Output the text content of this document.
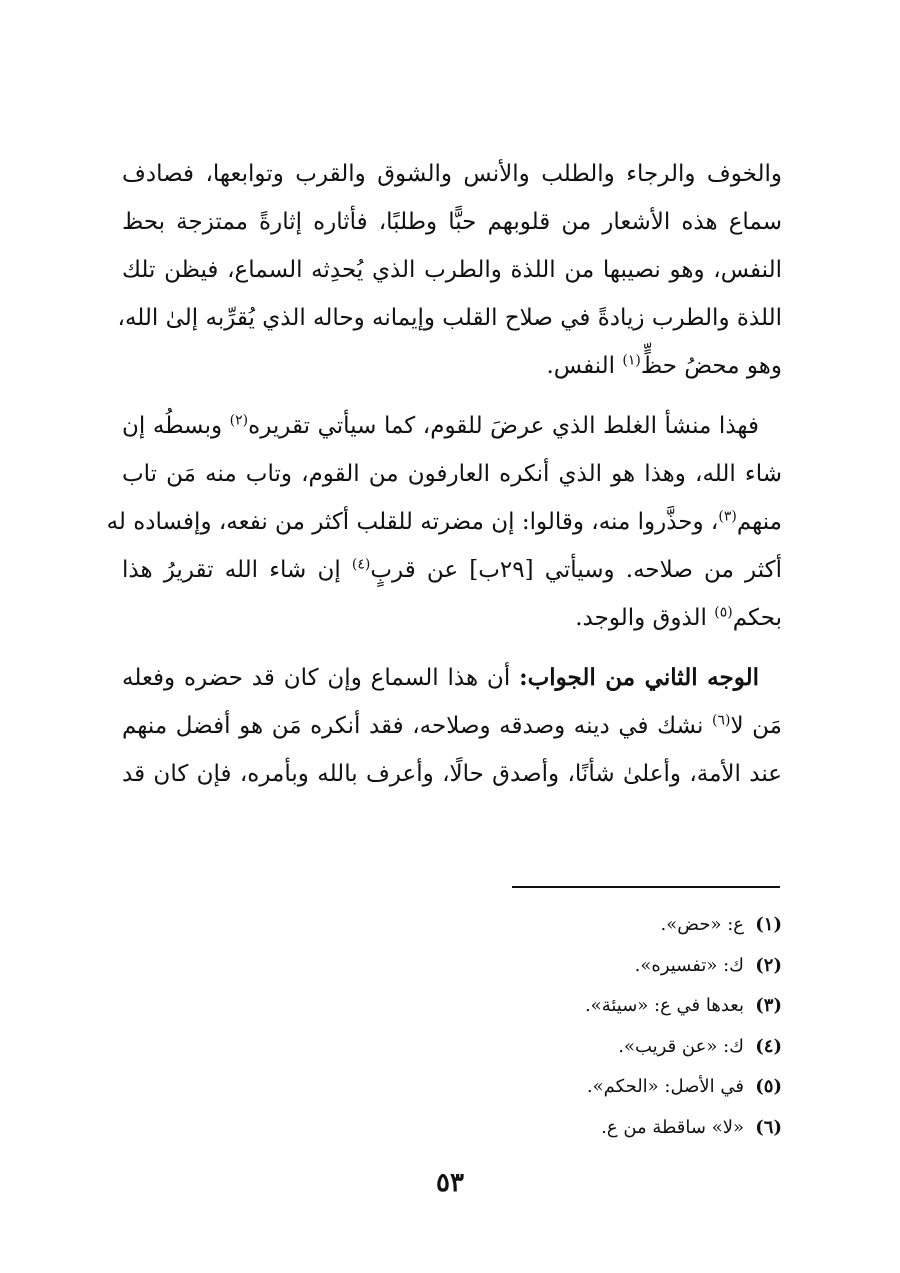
والخوف والرجاء والطلب والأنس والشوق والقرب وتوابعها، فصادف
سماع هذه الأشعار من قلوبهم حبًّا وطلبًا، فأثاره إثارةً ممتزجة بحظ
النفس، وهو نصيبها من اللذة والطرب الذي يُحدِثه السماع، فيظن تلك
اللذة والطرب زيادةً في صلاح القلب وإيمانه وحاله الذي يُقرِّبه إلىٰ الله،
وهو محضُ حظٍّ$^{(١)}$ النفس.

 فهذا منشأ الغلط الذي عرضَ للقوم، كما سيأتي تقريره$^{(٢)}$ وبسطُه إن
شاء الله، وهذا هو الذي أنكره العارفون من القوم، وتاب منه مَن تاب
منهم$^{(٣)}$، وحذَّروا منه، وقالوا: إن مضرته للقلب أكثر من نفعه، وإفساده له
أكثر من صلاحه. وسيأتي [٢٩ب] عن قربٍ$^{(٤)}$ إن شاء الله تقريرُ هذا
بحكم$^{(٥)}$ الذوق والوجد.

 الوجه الثاني من الجواب: أن هذا السماع وإن كان قد حضره وفعله
مَن لا$^{(٦)}$ نشك في دينه وصدقه وصلاحه، فقد أنكره مَن هو أفضل منهم
عند الأمة، وأعلىٰ شأنًا، وأصدق حالًا، وأعرف بالله وبأمره، فإن كان قد

(١)
ع: «حض».
(٢)
ك: «تفسيره».
(٣)
بعدها في ع: «سيئة».
(٤)
ك: «عن قريب».
(٥)
في الأصل: «الحكم».
(٦)
«لا» ساقطة من ع.
٥٣
